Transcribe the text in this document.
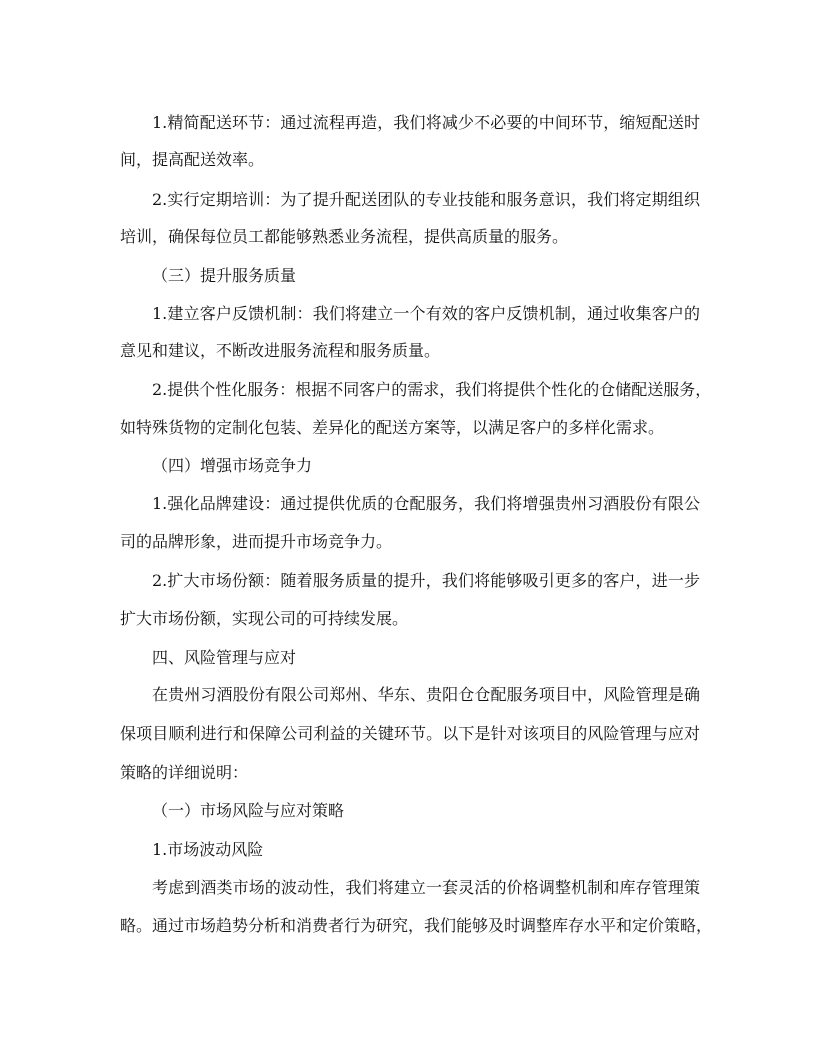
1.精简配送环节：通过流程再造，我们将减少不必要的中间环节，缩短配送时
间，提高配送效率。
2.实行定期培训：为了提升配送团队的专业技能和服务意识，我们将定期组织
培训，确保每位员工都能够熟悉业务流程，提供高质量的服务。
（三）提升服务质量
1.建立客户反馈机制：我们将建立一个有效的客户反馈机制，通过收集客户的
意见和建议，不断改进服务流程和服务质量。
2.提供个性化服务：根据不同客户的需求，我们将提供个性化的仓储配送服务，
如特殊货物的定制化包装、差异化的配送方案等，以满足客户的多样化需求。
（四）增强市场竞争力
1.强化品牌建设：通过提供优质的仓配服务，我们将增强贵州习酒股份有限公
司的品牌形象，进而提升市场竞争力。
2.扩大市场份额：随着服务质量的提升，我们将能够吸引更多的客户，进一步
扩大市场份额，实现公司的可持续发展。
四、风险管理与应对
在贵州习酒股份有限公司郑州、华东、贵阳仓仓配服务项目中，风险管理是确
保项目顺利进行和保障公司利益的关键环节。以下是针对该项目的风险管理与应对
策略的详细说明：
（一）市场风险与应对策略
1.市场波动风险
考虑到酒类市场的波动性，我们将建立一套灵活的价格调整机制和库存管理策
略。通过市场趋势分析和消费者行为研究，我们能够及时调整库存水平和定价策略，
